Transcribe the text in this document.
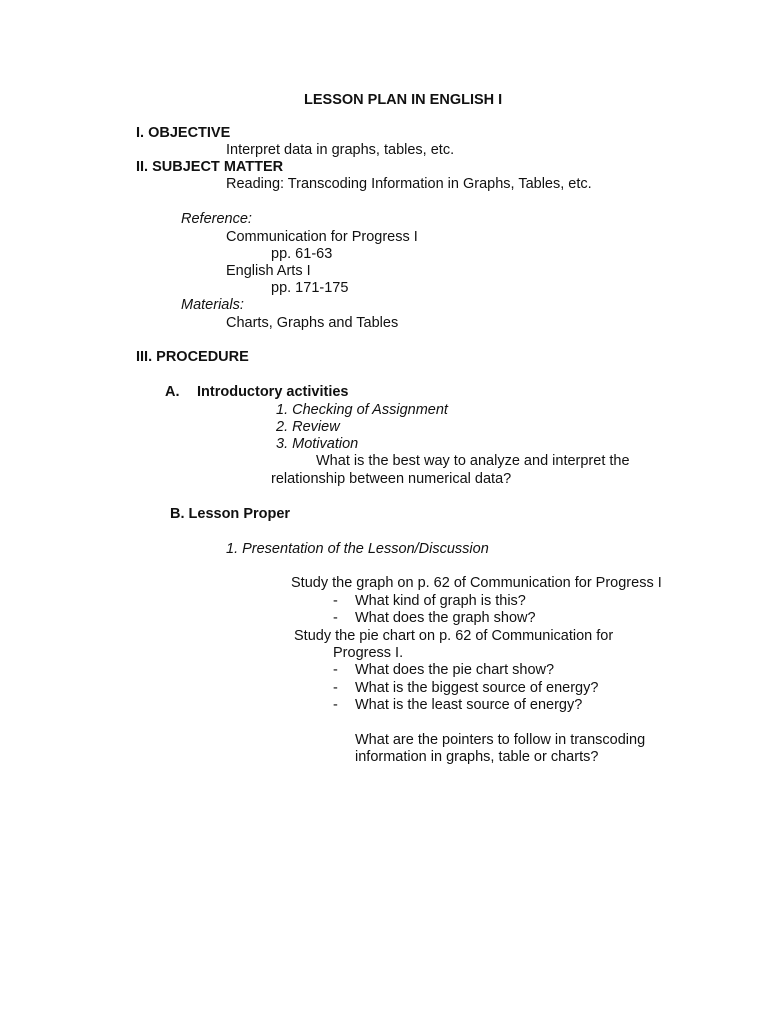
LESSON PLAN IN ENGLISH I
I. OBJECTIVE
Interpret data in graphs, tables, etc.
II. SUBJECT MATTER
Reading: Transcoding Information in Graphs, Tables, etc.
Reference:
Communication for Progress I
pp. 61-63
English Arts I
pp. 171-175
Materials:
Charts, Graphs and Tables
III. PROCEDURE
A. Introductory activities
1. Checking of Assignment
2. Review
3. Motivation
What is the best way to analyze and interpret the
relationship between numerical data?
B. Lesson Proper
1. Presentation of the Lesson/Discussion
Study the graph on p. 62 of Communication for Progress I
- What kind of graph is this?
- What does the graph show?
Study the pie chart on p. 62 of Communication for
Progress I.
- What does the pie chart show?
- What is the biggest source of energy?
- What is the least source of energy?
What are the pointers to follow in transcoding
information in graphs, table or charts?
